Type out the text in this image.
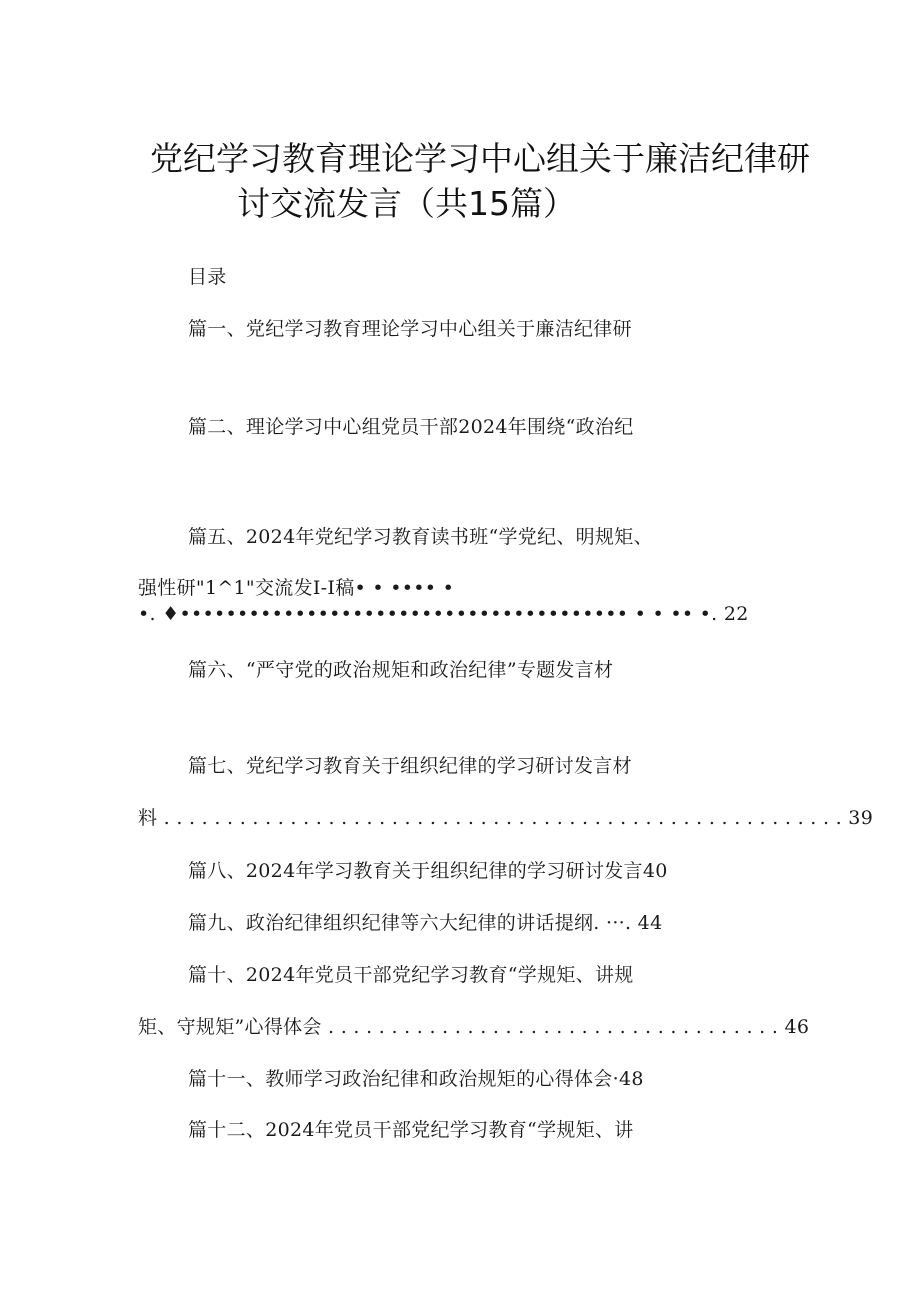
党纪学习教育理论学习中心组关于廉洁纪律研
讨交流发言（共15篇）
目录
篇一、党纪学习教育理论学习中心组关于廉洁纪律研
篇二、理论学习中心组党员干部2024年围绕“政治纪
篇五、2024年党纪学习教育读书班“学党纪、明规矩、
强性研"1^1"交流发I-I稿• • •••• •
•. ♦••••••••••••••••••••••••••••••••••••••• • • •• •. 22
篇六、“严守党的政治规矩和政治纪律”专题发言材
篇七、党纪学习教育关于组织纪律的学习研讨发言材
料 . . . . . . . . . . . . . . . . . . . . . . . . . . . . . . . . . . . . . . . . . . . . . . . . . . . . . . 39
篇八、2024年学习教育关于组织纪律的学习研讨发言40
篇九、政治纪律组织纪律等六大纪律的讲话提纲. ···. 44
篇十、2024年党员干部党纪学习教育“学规矩、讲规
矩、守规矩”心得体会 . . . . . . . . . . . . . . . . . . . . . . . . . . . . . . . . . . . . 46
篇十一、教师学习政治纪律和政治规矩的心得体会·48
篇十二、2024年党员干部党纪学习教育“学规矩、讲
